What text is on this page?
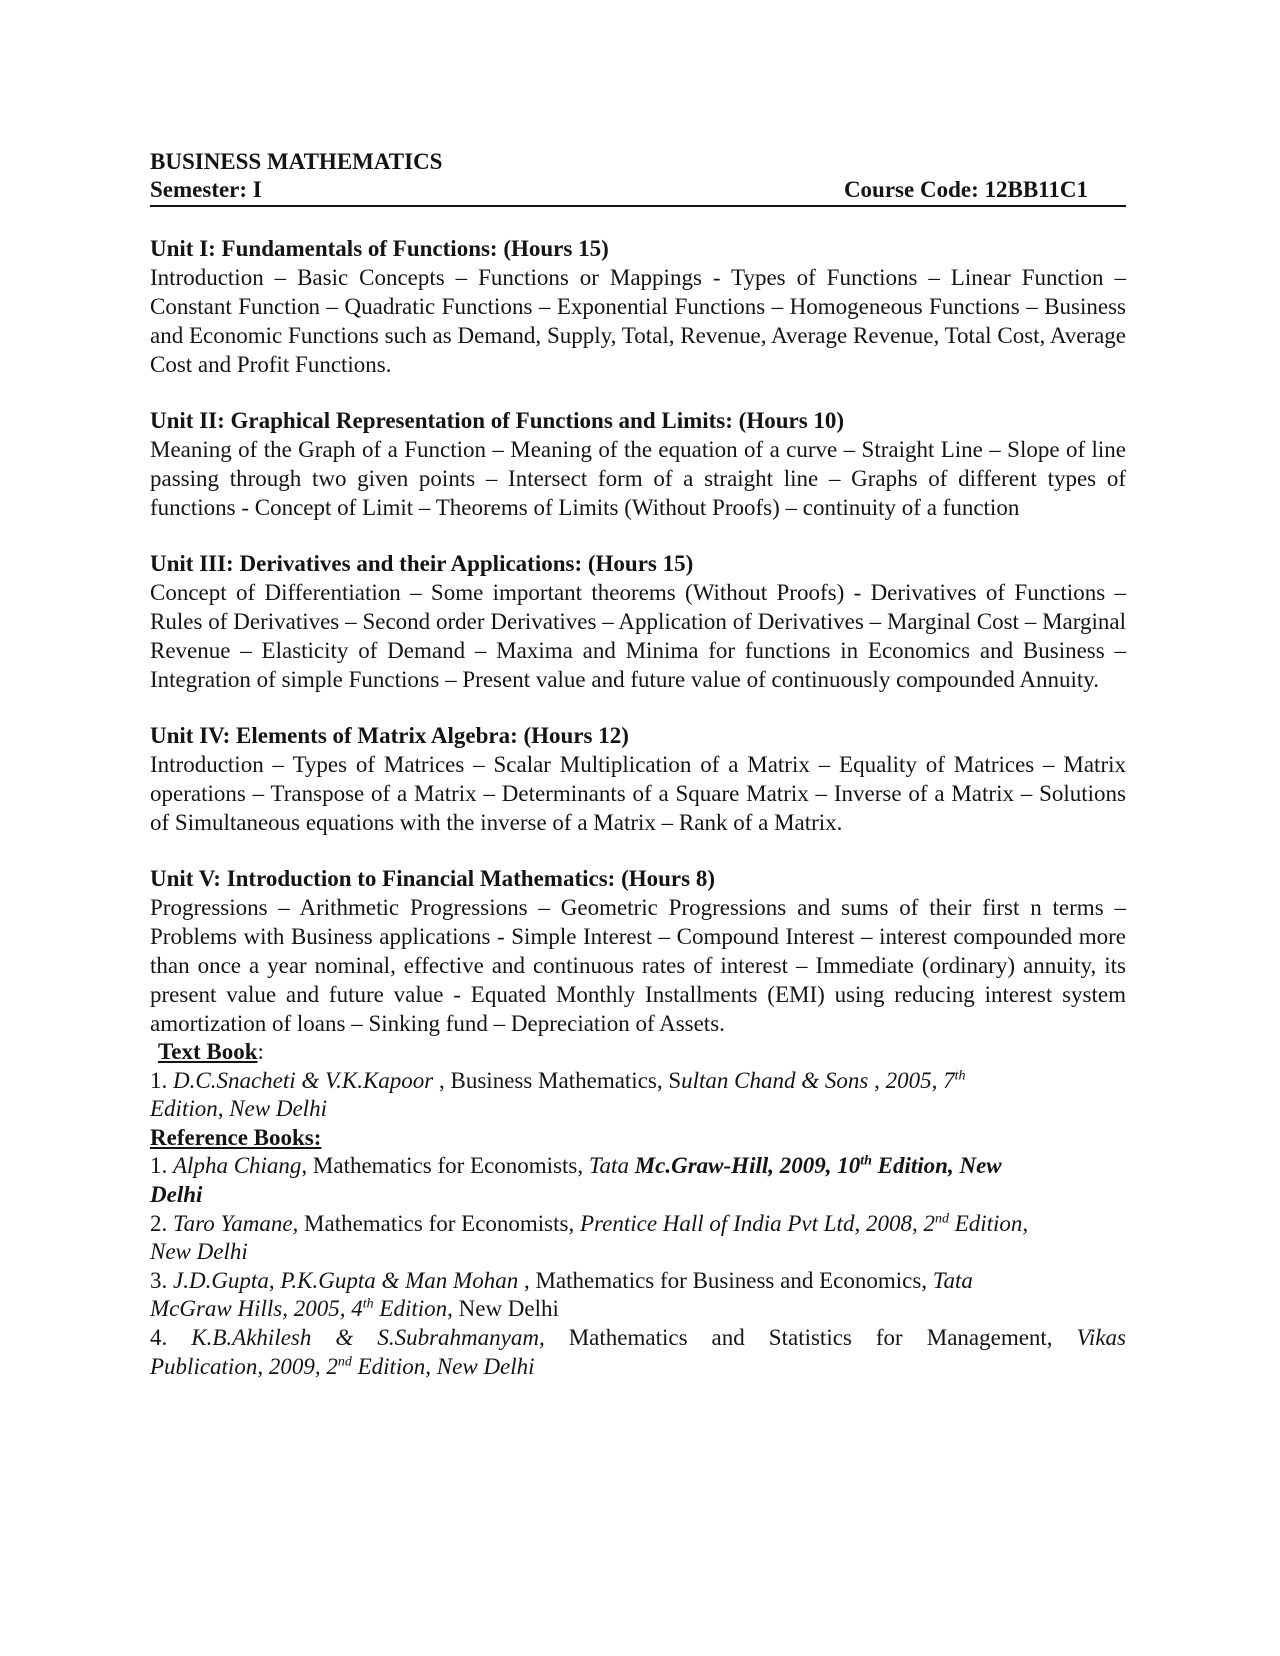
BUSINESS MATHEMATICS

Semester: I	Course Code: 12BB11C1

Unit I: Fundamentals of Functions: (Hours 15)

Introduction – Basic Concepts – Functions or Mappings - Types of Functions – Linear Function – Constant Function – Quadratic Functions – Exponential Functions – Homogeneous Functions – Business and Economic Functions such as Demand, Supply, Total, Revenue, Average Revenue, Total Cost, Average Cost and Profit Functions.

Unit II: Graphical Representation of Functions and Limits: (Hours 10)

Meaning of the Graph of a Function – Meaning of the equation of a curve – Straight Line – Slope of line passing through two given points – Intersect form of a straight line – Graphs of different types of functions - Concept of Limit – Theorems of Limits (Without Proofs) – continuity of a function

Unit III: Derivatives and their Applications: (Hours 15)

Concept of Differentiation – Some important theorems (Without Proofs) - Derivatives of Functions – Rules of Derivatives – Second order Derivatives – Application of Derivatives – Marginal Cost – Marginal Revenue – Elasticity of Demand – Maxima and Minima for functions in Economics and Business – Integration of simple Functions – Present value and future value of continuously compounded Annuity.

Unit IV: Elements of Matrix Algebra: (Hours 12)

Introduction – Types of Matrices – Scalar Multiplication of a Matrix – Equality of Matrices – Matrix operations – Transpose of a Matrix – Determinants of a Square Matrix – Inverse of a Matrix – Solutions of Simultaneous equations with the inverse of a Matrix – Rank of a Matrix.

Unit V: Introduction to Financial Mathematics: (Hours 8)

Progressions – Arithmetic Progressions – Geometric Progressions and sums of their first n terms – Problems with Business applications - Simple Interest – Compound Interest – interest compounded more than once a year nominal, effective and continuous rates of interest – Immediate (ordinary) annuity, its present value and future value - Equated Monthly Installments (EMI) using reducing interest system amortization of loans – Sinking fund – Depreciation of Assets.

Text Book:

1. D.C.Snacheti & V.K.Kapoor , Business Mathematics, Sultan Chand & Sons , 2005, 7th

Edition, New Delhi

Reference Books:

1. Alpha Chiang, Mathematics for Economists, Tata Mc.Graw-Hill, 2009, 10th Edition, New

Delhi

2. Taro Yamane, Mathematics for Economists, Prentice Hall of India Pvt Ltd, 2008, 2nd Edition,

New Delhi

3. J.D.Gupta, P.K.Gupta & Man Mohan , Mathematics for Business and Economics, Tata

McGraw Hills, 2005, 4th Edition, New Delhi

4. K.B.Akhilesh & S.Subrahmanyam, Mathematics and Statistics for Management, Vikas

Publication, 2009, 2nd Edition, New Delhi
